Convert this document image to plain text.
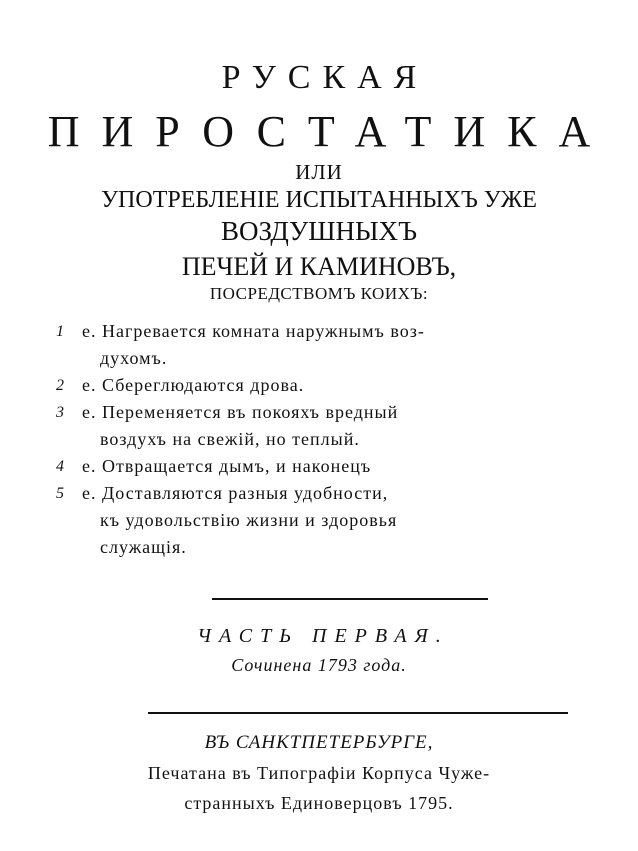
РУСКАЯ
ПИРОСТАТИКА
ИЛИ
УПОТРЕБЛЕНІЕ ИСПЫТАННЫХЪ УЖЕ
ВОЗДУШНЫХЪ
ПЕЧЕЙ И КАМИНОВЪ,
ПОСРЕДСТВОМЪ КОИХЪ:
1 е. Нагреваетcя комната наружнымъ воз-
духомъ.
2 е. Сбереглюдаются дрова.
3 е. Переменяется въ покояхъ вредный
воздухъ на свежій, но теплый.
4 е. Отвращается дымъ, и наконецъ
5 е. Доставляются разныя удобности,
къ удовольствію жизни и здоровья
служащія.
ЧАСТЬ ПЕРВАЯ.
Сочинена 1793 года.
ВЪ САНКТПЕТЕРБУРГЕ,
Печатана въ Типографіи Корпуса Чуже-
странныхъ Единоверцовъ 1795.
